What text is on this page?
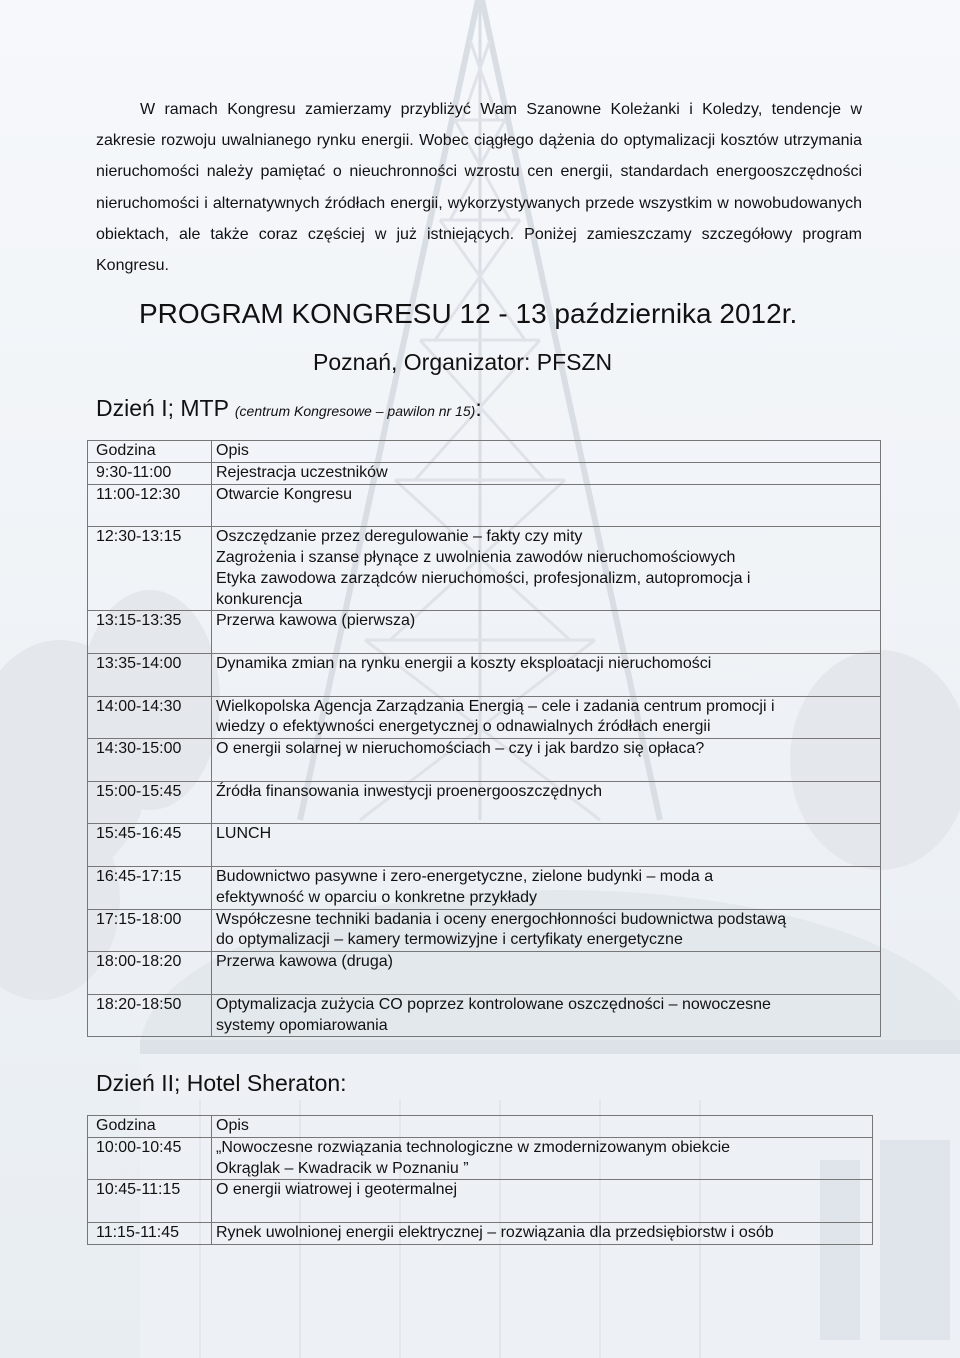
W ramach Kongresu zamierzamy przybliżyć Wam Szanowne Koleżanki i Koledzy, tendencje w zakresie rozwoju uwalnianego rynku energii. Wobec ciągłego dążenia do optymalizacji kosztów utrzymania nieruchomości należy pamiętać o nieuchronności wzrostu cen energii, standardach energooszczędności nieruchomości i alternatywnych źródłach energii, wykorzystywanych przede wszystkim w nowobudowanych obiektach, ale także coraz częściej w już istniejących. Poniżej zamieszczamy szczegółowy program Kongresu.

PROGRAM KONGRESU 12 - 13 października 2012r.
Poznań, Organizator: PFSZN
Dzień I; MTP (centrum Kongresowe – pawilon nr 15):
Godzina	Opis
9:30-11:00	Rejestracja uczestników

11:00-12:30	Otwarcie Kongresu

12:30-13:15	Oszczędzanie przez deregulowanie – fakty czy mity
Zagrożenia i szanse płynące z uwolnienia zawodów nieruchomościowych
Etyka zawodowa zarządców nieruchomości, profesjonalizm, autopromocja i
konkurencja

13:15-13:35	Przerwa kawowa (pierwsza)

13:35-14:00	Dynamika zmian na rynku energii a koszty eksploatacji nieruchomości

14:00-14:30	Wielkopolska Agencja Zarządzania Energią – cele i zadania centrum promocji i
wiedzy o efektywności energetycznej o odnawialnych źródłach energii

14:30-15:00	O energii solarnej w nieruchomościach – czy i jak bardzo się opłaca?

15:00-15:45	Źródła finansowania inwestycji proenergooszczędnych

15:45-16:45	LUNCH

16:45-17:15	Budownictwo pasywne i zero-energetyczne, zielone budynki – moda a
efektywność w oparciu o konkretne przykłady

17:15-18:00	Współczesne techniki badania i oceny energochłonności budownictwa podstawą
do optymalizacji – kamery termowizyjne i certyfikaty energetyczne

18:00-18:20	Przerwa kawowa (druga)

18:20-18:50	Optymalizacja zużycia CO poprzez kontrolowane oszczędności – nowoczesne
systemy opomiarowania
Dzień II; Hotel Sheraton:
Godzina	Opis
10:00-10:45	„Nowoczesne rozwiązania technologiczne w zmodernizowanym obiekcie
Okrąglak – Kwadracik w Poznaniu ”

10:45-11:15	O energii wiatrowej i geotermalnej

11:15-11:45	Rynek uwolnionej energii elektrycznej – rozwiązania dla przedsiębiorstw i osób
